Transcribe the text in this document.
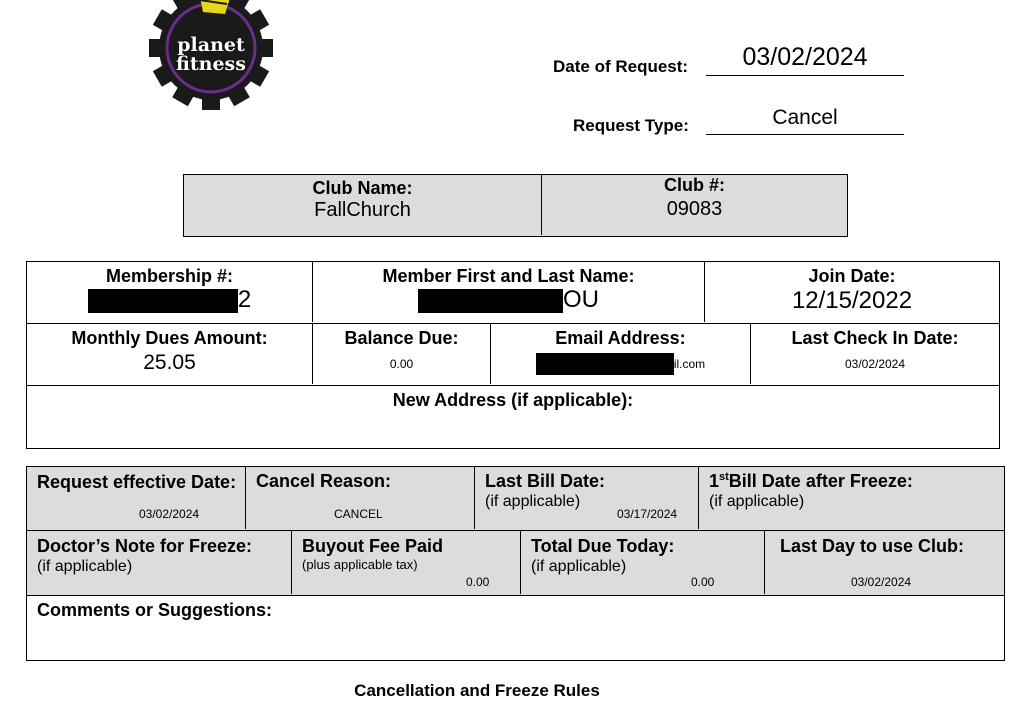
planet
fitness	Date of Request:	03/02/2024
Request Type:	Cancel
Club Name:
FallChurch
Club #:
09083
Membership #:
2
Member First and Last Name:
OU
Join Date:
12/15/2022
Monthly Dues Amount:
25.05
Balance Due:
0.00
Email Address:
il.com
Last Check In Date:
03/02/2024
New Address (if applicable):
Request effective Date:
03/02/2024
Cancel Reason:
CANCEL
Last Bill Date:
(if applicable)
03/17/2024
1stBill Date after Freeze:
(if applicable)
Doctor’s Note for Freeze:
(if applicable)
Buyout Fee Paid
(plus applicable tax)
0.00
Total Due Today:
(if applicable)
0.00
Last Day to use Club:
03/02/2024
Comments or Suggestions:
Cancellation and Freeze Rules
